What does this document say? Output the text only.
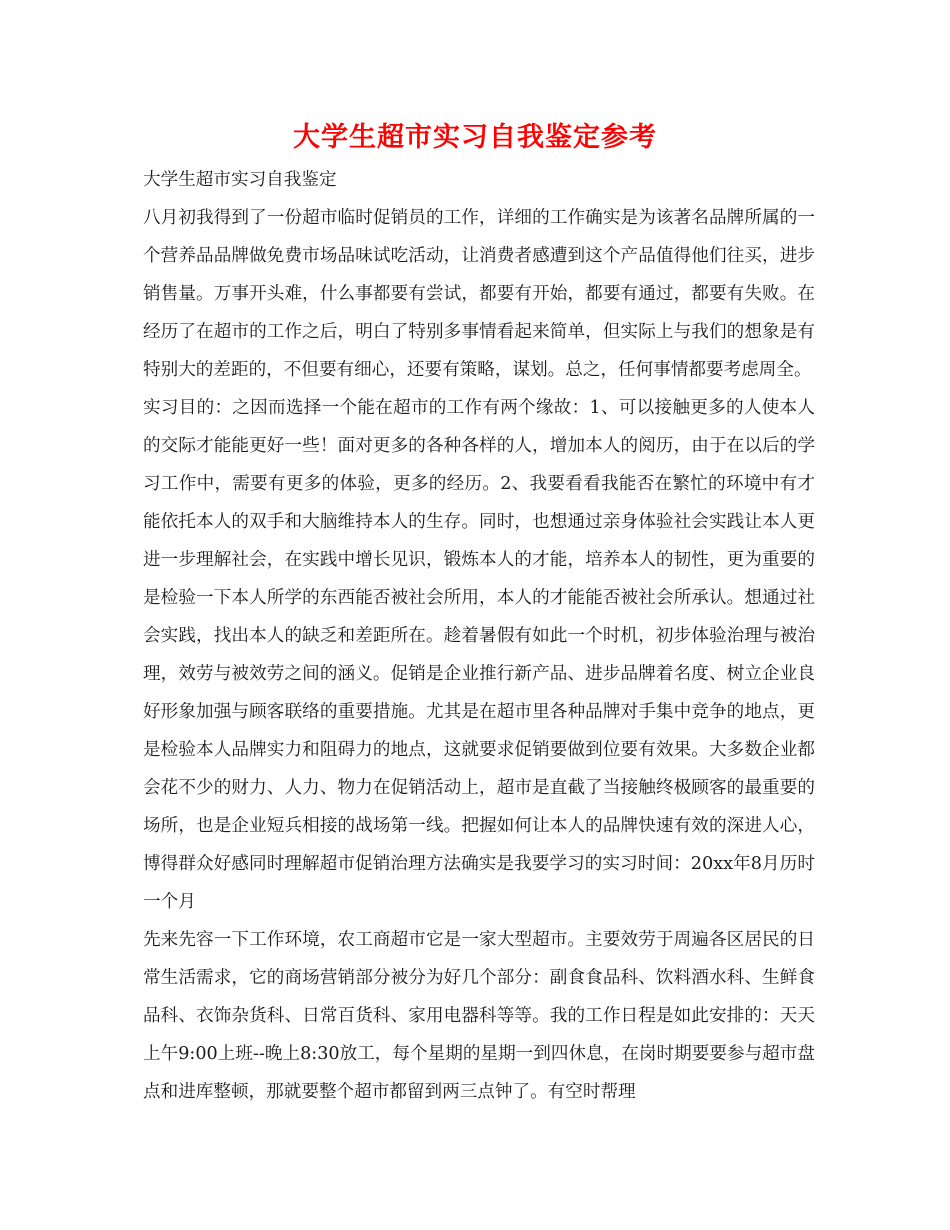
大学生超市实习自我鉴定参考

大学生超市实习自我鉴定

八月初我得到了一份超市临时促销员的工作，详细的工作确实是为该著名品牌所属的一个营养品品牌做免费市场品味试吃活动，让消费者感遭到这个产品值得他们往买，进步销售量。万事开头难，什么事都要有尝试，都要有开始，都要有通过，都要有失败。在经历了在超市的工作之后，明白了特别多事情看起来简单，但实际上与我们的想象是有特别大的差距的，不但要有细心，还要有策略，谋划。总之，任何事情都要考虑周全。

实习目的：之因而选择一个能在超市的工作有两个缘故：1、可以接触更多的人使本人的交际才能能更好一些！面对更多的各种各样的人，增加本人的阅历，由于在以后的学习工作中，需要有更多的体验，更多的经历。2、我要看看我能否在繁忙的环境中有才能依托本人的双手和大脑维持本人的生存。同时，也想通过亲身体验社会实践让本人更进一步理解社会，在实践中增长见识，锻炼本人的才能，培养本人的韧性，更为重要的是检验一下本人所学的东西能否被社会所用，本人的才能能否被社会所承认。想通过社会实践，找出本人的缺乏和差距所在。趁着暑假有如此一个时机，初步体验治理与被治理，效劳与被效劳之间的涵义。促销是企业推行新产品、进步品牌着名度、树立企业良好形象加强与顾客联络的重要措施。尤其是在超市里各种品牌对手集中竞争的地点，更是检验本人品牌实力和阻碍力的地点，这就要求促销要做到位要有效果。大多数企业都会花不少的财力、人力、物力在促销活动上，超市是直截了当接触终极顾客的最重要的场所，也是企业短兵相接的战场第一线。把握如何让本人的品牌快速有效的深进人心，博得群众好感同时理解超市促销治理方法确实是我要学习的实习时间：20xx年8月历时一个月

先来先容一下工作环境，农工商超市它是一家大型超市。主要效劳于周遍各区居民的日常生活需求，它的商场营销部分被分为好几个部分：副食食品科、饮料酒水科、生鲜食品科、衣饰杂货科、日常百货科、家用电器科等等。我的工作日程是如此安排的：天天上午9:00上班--晚上8:30放工，每个星期的星期一到四休息，在岗时期要要参与超市盘点和进库整顿，那就要整个超市都留到两三点钟了。有空时帮理
